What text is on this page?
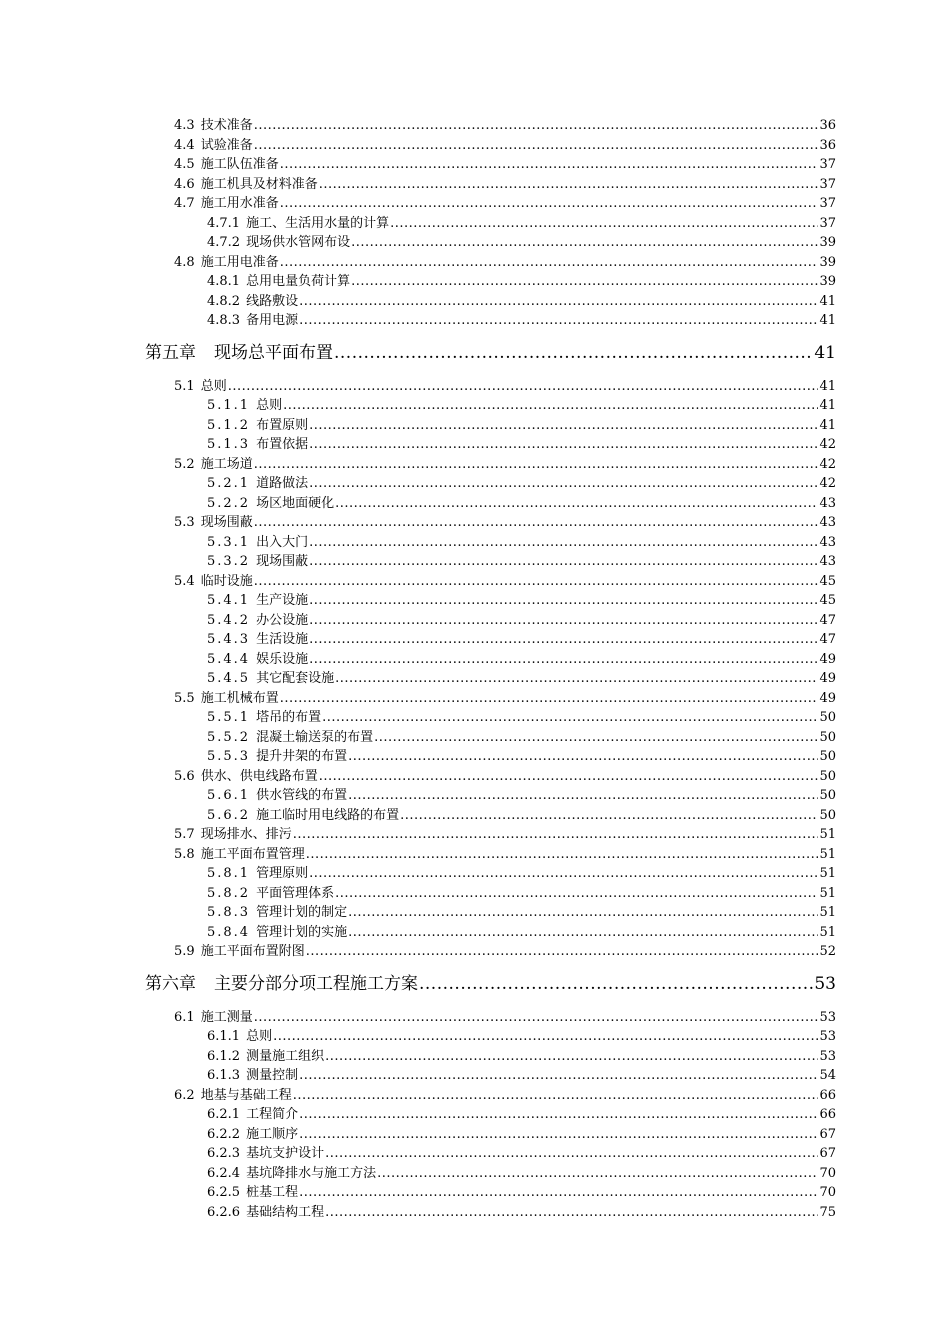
4.3 技术准备 .....	36
4.4 试验准备 .....	36
4.5 施工队伍准备 .....	37
4.6 施工机具及材料准备 .....	37
4.7 施工用水准备 .....	37
4.7.1 施工、生活用水量的计算 .....	37
4.7.2 现场供水管网布设 .....	39
4.8 施工用电准备 .....	39
4.8.1 总用电量负荷计算 .....	39
4.8.2 线路敷设 .....	41
4.8.3 备用电源 .....	41
第五章 现场总平面布置 .....	41
5.1 总则 .....	41
5.1.1 总则 .....	41
5.1.2 布置原则 .....	41
5.1.3 布置依据 .....	42
5.2 施工场道 .....	42
5.2.1 道路做法 .....	42
5.2.2 场区地面硬化 .....	43
5.3 现场围蔽 .....	43
5.3.1 出入大门 .....	43
5.3.2 现场围蔽 .....	43
5.4 临时设施 .....	45
5.4.1 生产设施 .....	45
5.4.2 办公设施 .....	47
5.4.3 生活设施 .....	47
5.4.4 娱乐设施 .....	49
5.4.5 其它配套设施 .....	49
5.5 施工机械布置 .....	49
5.5.1 塔吊的布置 .....	50
5.5.2 混凝土输送泵的布置 .....	50
5.5.3 提升井架的布置 .....	50
5.6 供水、供电线路布置 .....	50
5.6.1 供水管线的布置 .....	50
5.6.2 施工临时用电线路的布置 .....	50
5.7 现场排水、排污 .....	51
5.8 施工平面布置管理 .....	51
5.8.1 管理原则 .....	51
5.8.2 平面管理体系 .....	51
5.8.3 管理计划的制定 .....	51
5.8.4 管理计划的实施 .....	51
5.9 施工平面布置附图 .....	52
第六章 主要分部分项工程施工方案 .....	53
6.1 施工测量 .....	53
6.1.1 总则 .....	53
6.1.2 测量施工组织 .....	53
6.1.3 测量控制 .....	54
6.2 地基与基础工程 .....	66
6.2.1 工程简介 .....	66
6.2.2 施工顺序 .....	67
6.2.3 基坑支护设计 .....	67
6.2.4 基坑降排水与施工方法 .....	70
6.2.5 桩基工程 .....	70
6.2.6 基础结构工程 .....	75
